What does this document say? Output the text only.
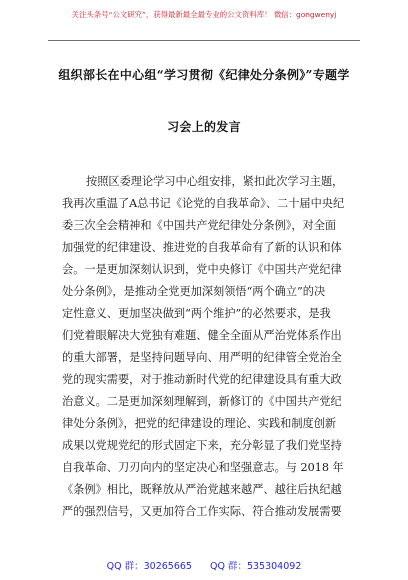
关注头条号“公文研究”，获得最新最全最专业的公文资料库！ 微信：gongwenyj
组织部长在中心组“学习贯彻《纪律处分条例》”专题学
习会上的发言
按照区委理论学习中心组安排，紧扣此次学习主题，
我再次重温了A总书记《论党的自我革命》、二十届中央纪
委三次全会精神和《中国共产党纪律处分条例》，对全面
加强党的纪律建设、推进党的自我革命有了新的认识和体
会。一是更加深刻认识到，党中央修订《中国共产党纪律
处分条例》，是推动全党更加深刻领悟“两个确立”的决
定性意义、更加坚决做到“两个维护”的必然要求，是我
们党着眼解决大党独有难题、健全全面从严治党体系作出
的重大部署，是坚持问题导向、用严明的纪律管全党治全
党的现实需要，对于推动新时代党的纪律建设具有重大政
治意义。二是更加深刻理解到，新修订的《中国共产党纪
律处分条例》，把党的纪律建设的理论、实践和制度创新
成果以党规党纪的形式固定下来，充分彰显了我们党坚持
自我革命、刀刃向内的坚定决心和坚强意志。与 2018 年
《条例》相比，既释放从严治党越来越严、越往后执纪越
严的强烈信号，又更加符合工作实际、符合推动发展需要
QQ 群：30265665 QQ 群：535304092
